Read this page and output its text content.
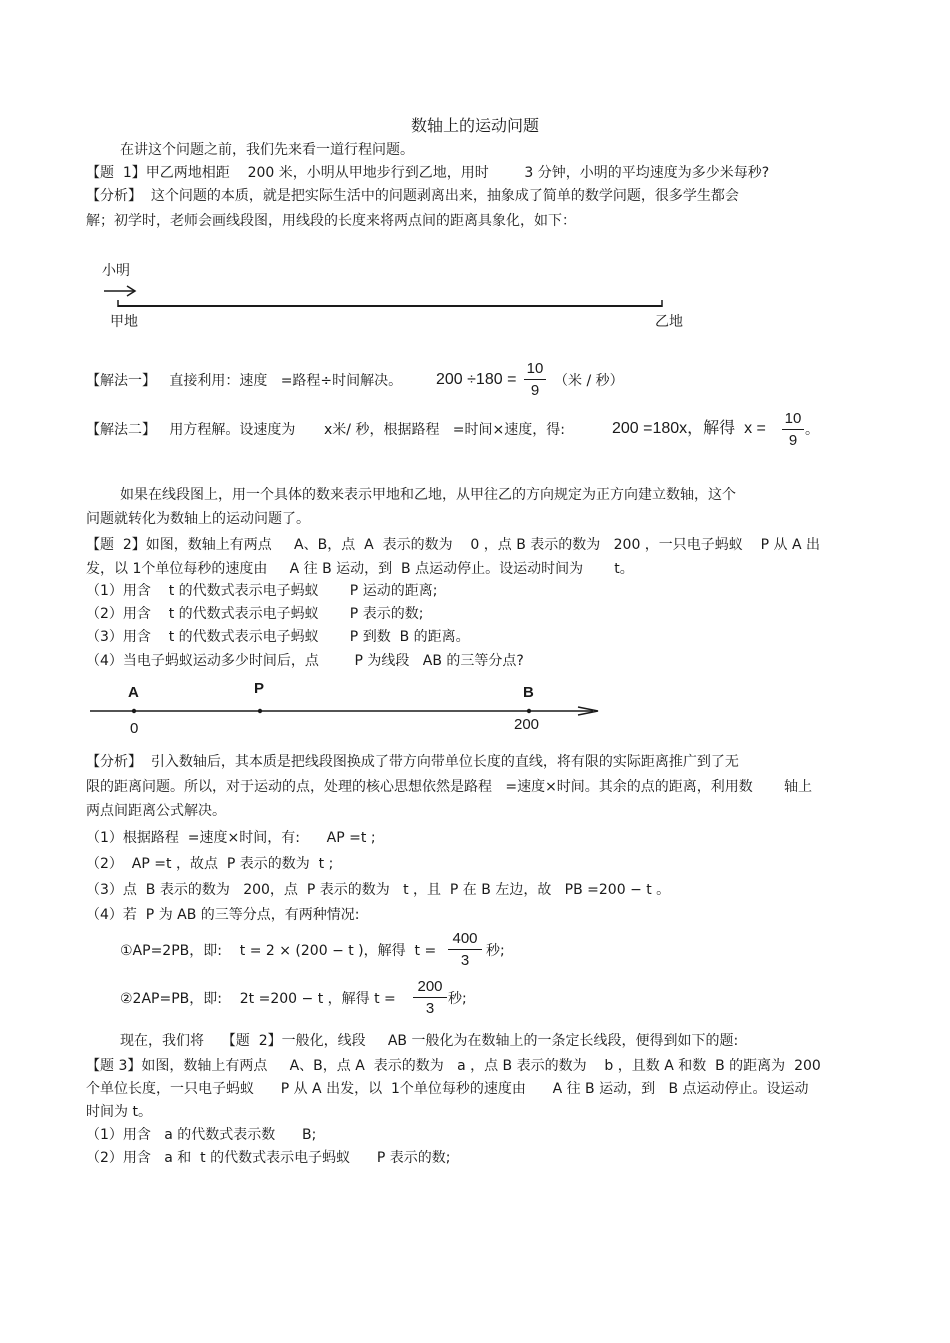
数轴上的运动问题
在讲这个问题之前，我们先来看一道行程问题。
【题  1】甲乙两地相距    200 米，小明从甲地步行到乙地，用时        3 分钟，小明的平均速度为多少米每秒?
【分析】  这个问题的本质，就是把实际生活中的问题剥离出来，抽象成了简单的数学问题，很多学生都会
解；初学时，老师会画线段图，用线段的长度来将两点间的距离具象化，如下：
小明
甲地	乙地
【解法一】   直接利用：速度   =路程÷时间解决。 $200 \div 180 = \frac{10}{9}$ （米 / 秒）
【解法二】   用方程解。设速度为 x米/ 秒，根据路程   =时间×速度，得:	200 =180x，解得  $x = \frac{10}{9}$ 。
如果在线段图上，用一个具体的数来表示甲地和乙地，从甲往乙的方向规定为正方向建立数轴，这个
问题就转化为数轴上的运动问题了。
【题  2】如图，数轴上有两点     A、B，点  A  表示的数为    0 ，点 B 表示的数为   200 ，一只电子蚂蚁    P 从 A 出
发，以 1个单位每秒的速度由     A 往 B 运动，到  B 点运动停止。设运动时间为       t。
（1）用含    t 的代数式表示电子蚂蚁       P 运动的距离;
（2）用含    t 的代数式表示电子蚂蚁       P 表示的数;
（3）用含    t 的代数式表示电子蚂蚁       P 到数  B 的距离。
（4）当电子蚂蚁运动多少时间后，点        P 为线段   AB 的三等分点?
A	P	B
0	200
【分析】  引入数轴后，其本质是把线段图换成了带方向带单位长度的直线，将有限的实际距离推广到了无
限的距离问题。所以，对于运动的点，处理的核心思想依然是路程   =速度×时间。其余的点的距离，利用数       轴上
两点间距离公式解决。
（1）根据路程  =速度×时间，有:      AP =t ;
（2）  AP =t ，故点  P 表示的数为  t ;
（3）点  B 表示的数为   200，点  P 表示的数为   t ，且  P 在 B 左边，故   PB =200 − t 。
（4）若  P 为 AB 的三等分点，有两种情况:
①AP=2PB，即:    t = 2 × (200 − t )，解得  $t = \frac{400}{3}$ 秒;
②2AP=PB，即:    2t =200 − t ，解得 $t = \frac{200}{3}$ 秒;
现在，我们将    【题  2】一般化，线段     AB 一般化为在数轴上的一条定长线段，便得到如下的题:
【题 3】如图，数轴上有两点     A、B，点 A  表示的数为   a ，点 B 表示的数为    b ，且数 A 和数  B 的距离为  200
个单位长度，一只电子蚂蚁      P 从 A 出发，以  1个单位每秒的速度由      A 往 B 运动，到   B 点运动停止。设运动
时间为 t。
（1）用含   a 的代数式表示数      B;
（2）用含   a 和  t 的代数式表示电子蚂蚁      P 表示的数;
